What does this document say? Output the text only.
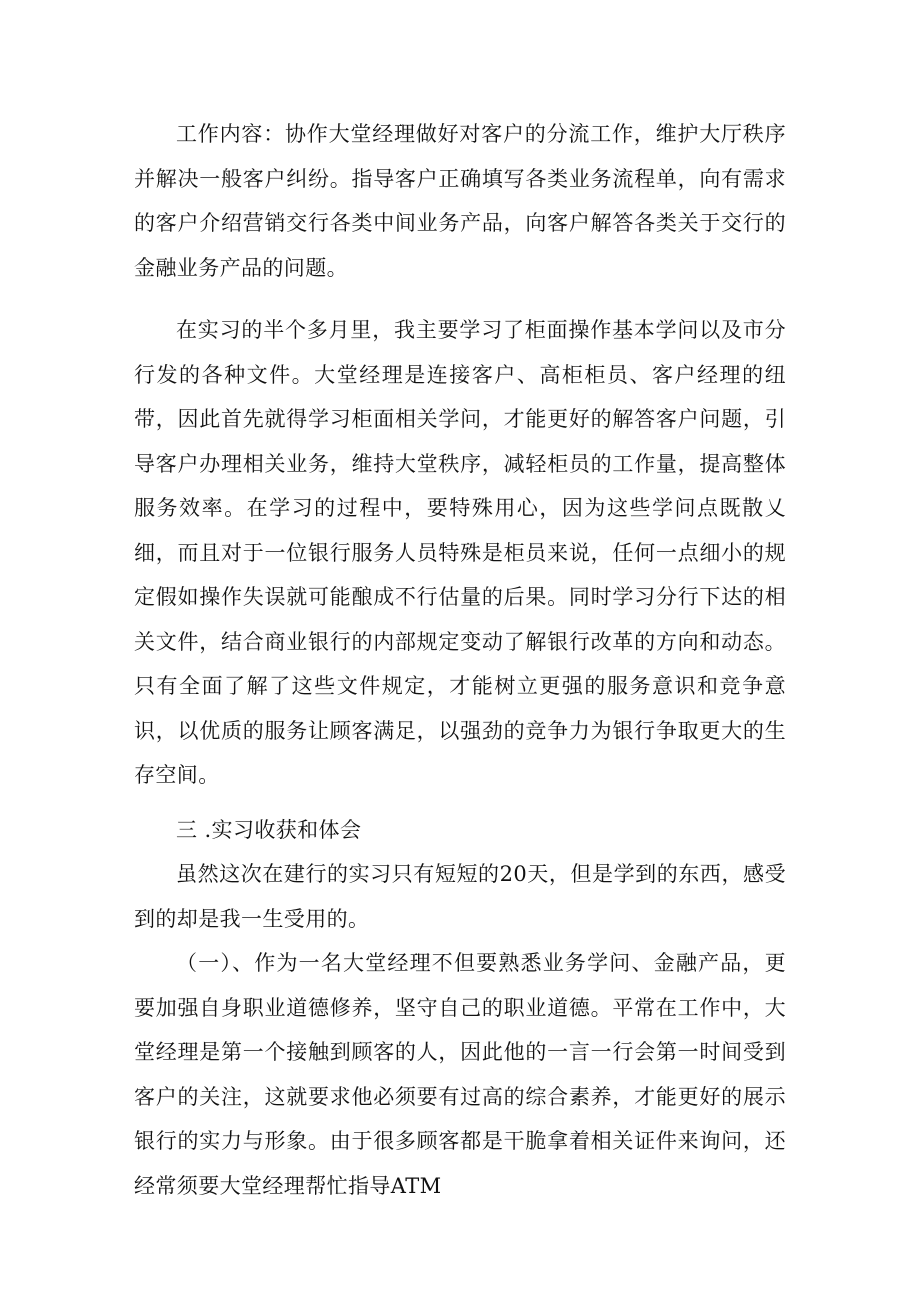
工作内容：协作大堂经理做好对客户的分流工作，维护大厅秩序并解决一般客户纠纷。指导客户正确填写各类业务流程单，向有需求的客户介绍营销交行各类中间业务产品，向客户解答各类关于交行的金融业务产品的问题。

在实习的半个多月里，我主要学习了柜面操作基本学问以及市分行发的各种文件。大堂经理是连接客户、高柜柜员、客户经理的纽带，因此首先就得学习柜面相关学问，才能更好的解答客户问题，引导客户办理相关业务，维持大堂秩序，减轻柜员的工作量，提高整体服务效率。在学习的过程中，要特殊用心，因为这些学问点既散乂细，而且对于一位银行服务人员特殊是柜员来说，任何一点细小的规定假如操作失误就可能酿成不行估量的后果。同时学习分行下达的相关文件，结合商业银行的内部规定变动了解银行改革的方向和动态。只有全面了解了这些文件规定，才能树立更强的服务意识和竞争意识，以优质的服务让顾客满足，以强劲的竞争力为银行争取更大的生存空间。

三 .实习收获和体会

虽然这次在建行的实习只有短短的20天，但是学到的东西，感受到的却是我一生受用的。

（一）、作为一名大堂经理不但要熟悉业务学问、金融产品，更要加强自身职业道德修养，坚守自己的职业道德。平常在工作中，大堂经理是第一个接触到顾客的人，因此他的一言一行会第一时间受到客户的关注，这就要求他必须要有过高的综合素养，才能更好的展示银行的实力与形象。由于很多顾客都是干脆拿着相关证件来询问，还经常须要大堂经理帮忙指导ATM
